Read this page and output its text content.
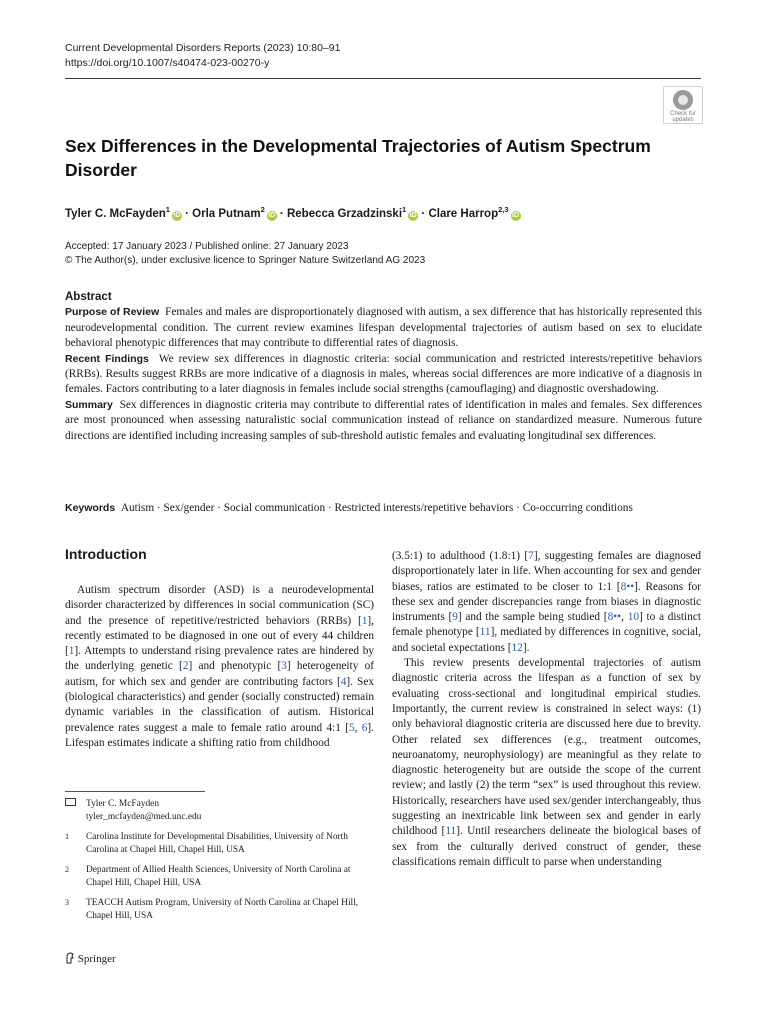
Current Developmental Disorders Reports (2023) 10:80–91
https://doi.org/10.1007/s40474-023-00270-y
Check for
updates
Sex Differences in the Developmental Trajectories of Autism Spectrum Disorder
Tyler C. McFayden$^1$iD · Orla Putnam$^2$iD · Rebecca Grzadzinski$^1$iD · Clare Harrop$^{2,3}$iD
Accepted: 17 January 2023 / Published online: 27 January 2023
© The Author(s), under exclusive licence to Springer Nature Switzerland AG 2023
Abstract

Purpose of Review Females and males are disproportionately diagnosed with autism, a sex difference that has historically represented this neurodevelopmental condition. The current review examines lifespan developmental trajectories of autism based on sex to elucidate behavioral phenotypic differences that may contribute to differential rates of diagnosis.

Recent Findings We review sex differences in diagnostic criteria: social communication and restricted interests/repetitive behaviors (RRBs). Results suggest RRBs are more indicative of a diagnosis in males, whereas social differences are more indicative of a diagnosis in females. Factors contributing to a later diagnosis in females include social strengths (camouflaging) and diagnostic overshadowing.

Summary Sex differences in diagnostic criteria may contribute to differential rates of identification in males and females. Sex differences are most pronounced when assessing naturalistic social communication instead of reliance on standardized measure. Numerous future directions are identified including increasing samples of sub-threshold autistic females and evaluating longitudinal sex differences.

Keywords Autism · Sex/gender · Social communication · Restricted interests/repetitive behaviors · Co-occurring conditions
Introduction

Autism spectrum disorder (ASD) is a neurodevelopmental disorder characterized by differences in social communication (SC) and the presence of repetitive/restricted behaviors (RRBs) [1], recently estimated to be diagnosed in one out of every 44 children [1]. Attempts to understand rising prevalence rates are hindered by the underlying genetic [2] and phenotypic [3] heterogeneity of autism, for which sex and gender are contributing factors [4]. Sex (biological characteristics) and gender (socially constructed) remain dynamic variables in the classification of autism. Historical prevalence rates suggest a male to female ratio around 4:1 [5, 6]. Lifespan estimates indicate a shifting ratio from childhood

Tyler C. McFayden
tyler_mcfayden@med.unc.edu
1 Carolina Institute for Developmental Disabilities, University of North Carolina at Chapel Hill, Chapel Hill, USA
2 Department of Allied Health Sciences, University of North Carolina at Chapel Hill, Chapel Hill, USA
3 TEACCH Autism Program, University of North Carolina at Chapel Hill, Chapel Hill, USA

(3.5:1) to adulthood (1.8:1) [7], suggesting females are diagnosed disproportionately later in life. When accounting for sex and gender biases, ratios are estimated to be closer to 1:1 [8••]. Reasons for these sex and gender discrepancies range from biases in diagnostic instruments [9] and the sample being studied [8••, 10] to a distinct female phenotype [11], mediated by differences in cognitive, social, and societal expectations [12].

This review presents developmental trajectories of autism diagnostic criteria across the lifespan as a function of sex by evaluating cross-sectional and longitudinal empirical studies. Importantly, the current review is constrained in select ways: (1) only behavioral diagnostic criteria are discussed here due to brevity. Other related sex differences (e.g., treatment outcomes, neuroanatomy, neurophysiology) are meaningful as they relate to diagnostic heterogeneity but are outside the scope of the current review; and lastly (2) the term “sex” is used throughout this review. Historically, researchers have used sex/gender interchangeably, thus suggesting an inextricable link between sex and gender in early childhood [11]. Until researchers delineate the biological bases of sex from the culturally derived construct of gender, these classifications remain difficult to parse when understanding

Springer
